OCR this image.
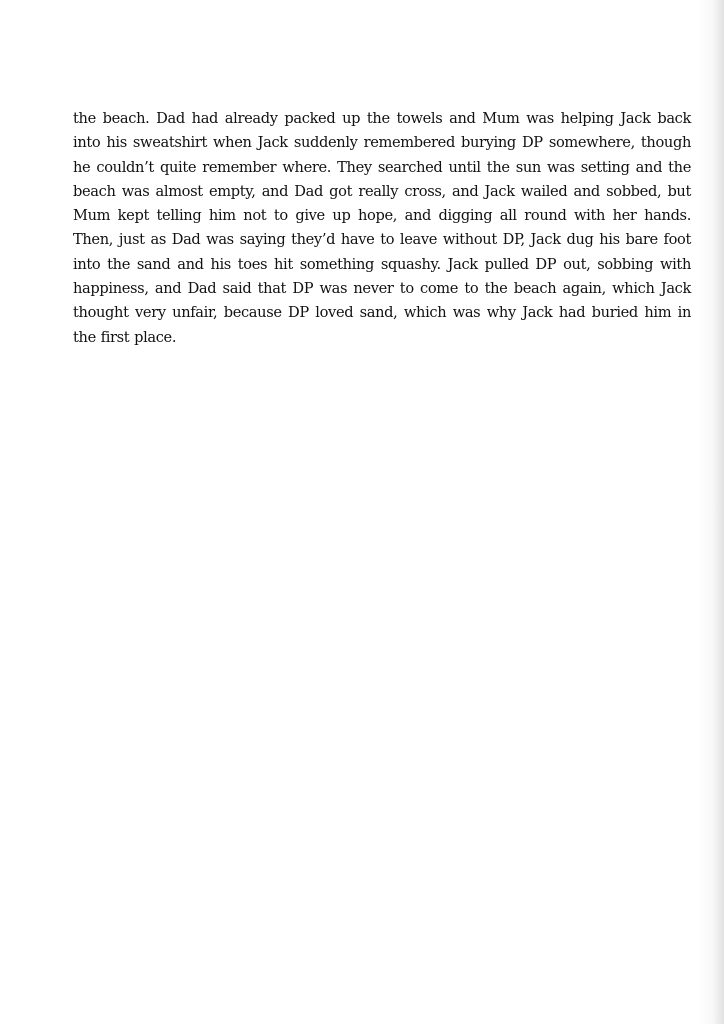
the beach. Dad had already packed up the towels and Mum was helping Jack back into his sweatshirt when Jack suddenly remembered burying DP somewhere, though he couldn’t quite remember where. They searched until the sun was setting and the beach was almost empty, and Dad got really cross, and Jack wailed and sobbed, but Mum kept telling him not to give up hope, and digging all round with her hands. Then, just as Dad was saying they’d have to leave without DP, Jack dug his bare foot into the sand and his toes hit something squashy. Jack pulled DP out, sobbing with happiness, and Dad said that DP was never to come to the beach again, which Jack thought very unfair, because DP loved sand, which was why Jack had buried him in the first place.
